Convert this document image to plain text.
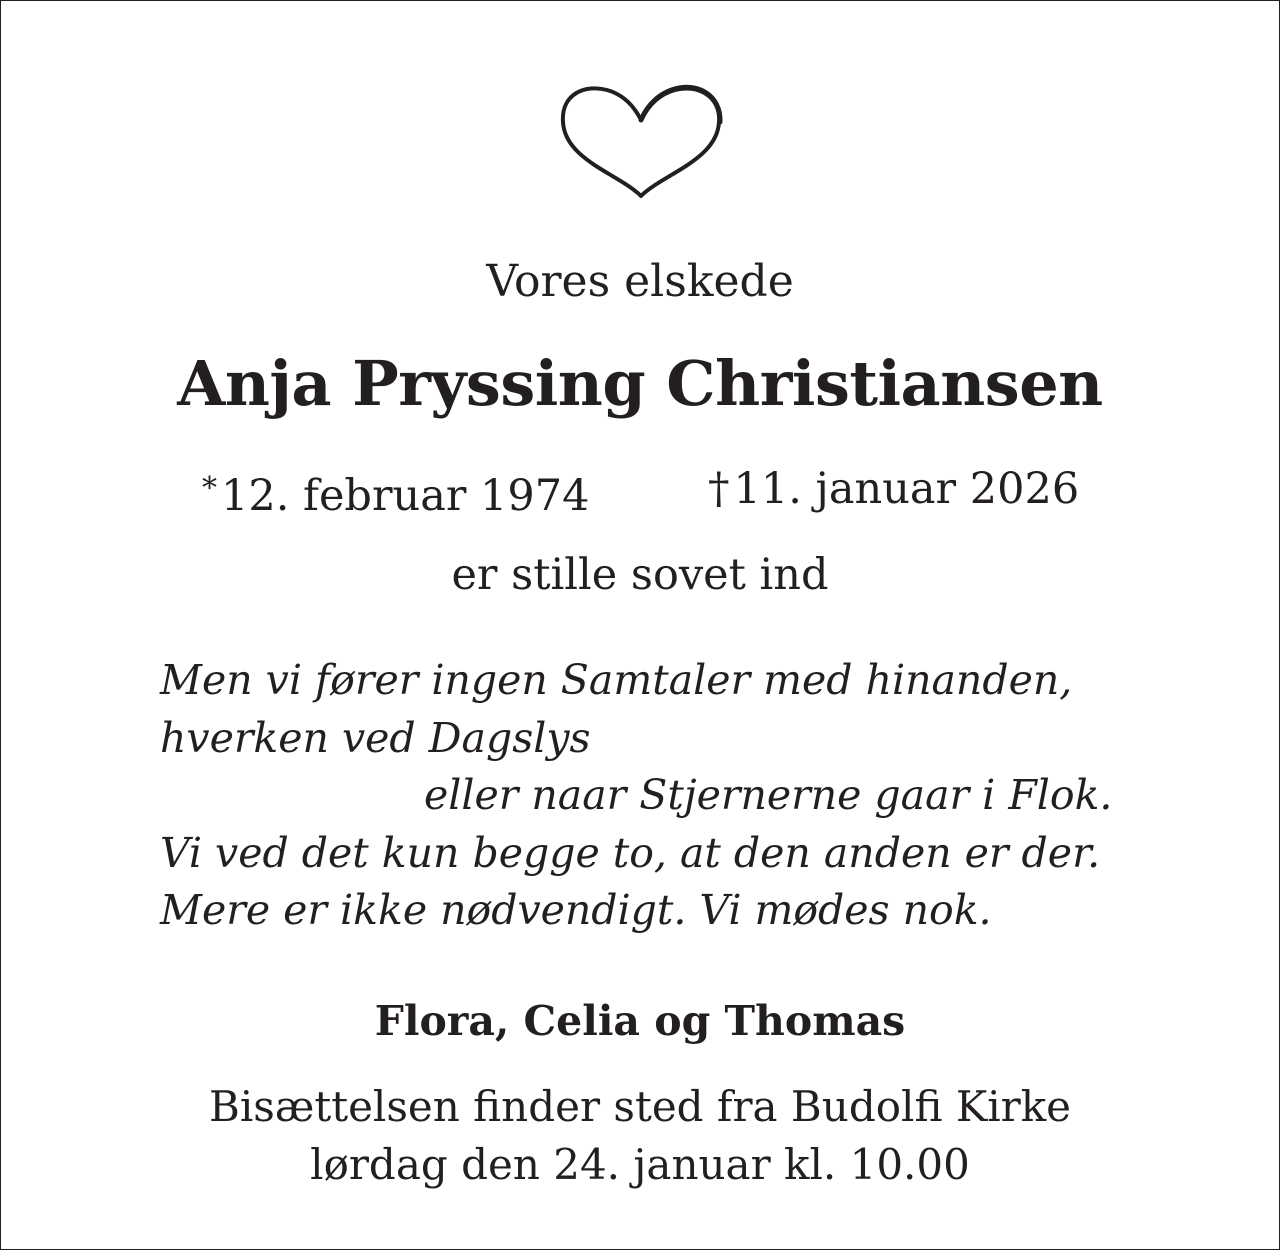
Vores elskede
Anja Pryssing Christiansen
*12. februar 1974	†11. januar 2026
er stille sovet ind
Men vi fører ingen Samtaler med hinanden,
hverken ved Dagslys
eller naar Stjernerne gaar i Flok.
Vi ved det kun begge to, at den anden er der.
Mere er ikke nødvendigt. Vi mødes nok.
Flora, Celia og Thomas
Bisættelsen finder sted fra Budolfi Kirke
lørdag den 24. januar kl. 10.00
